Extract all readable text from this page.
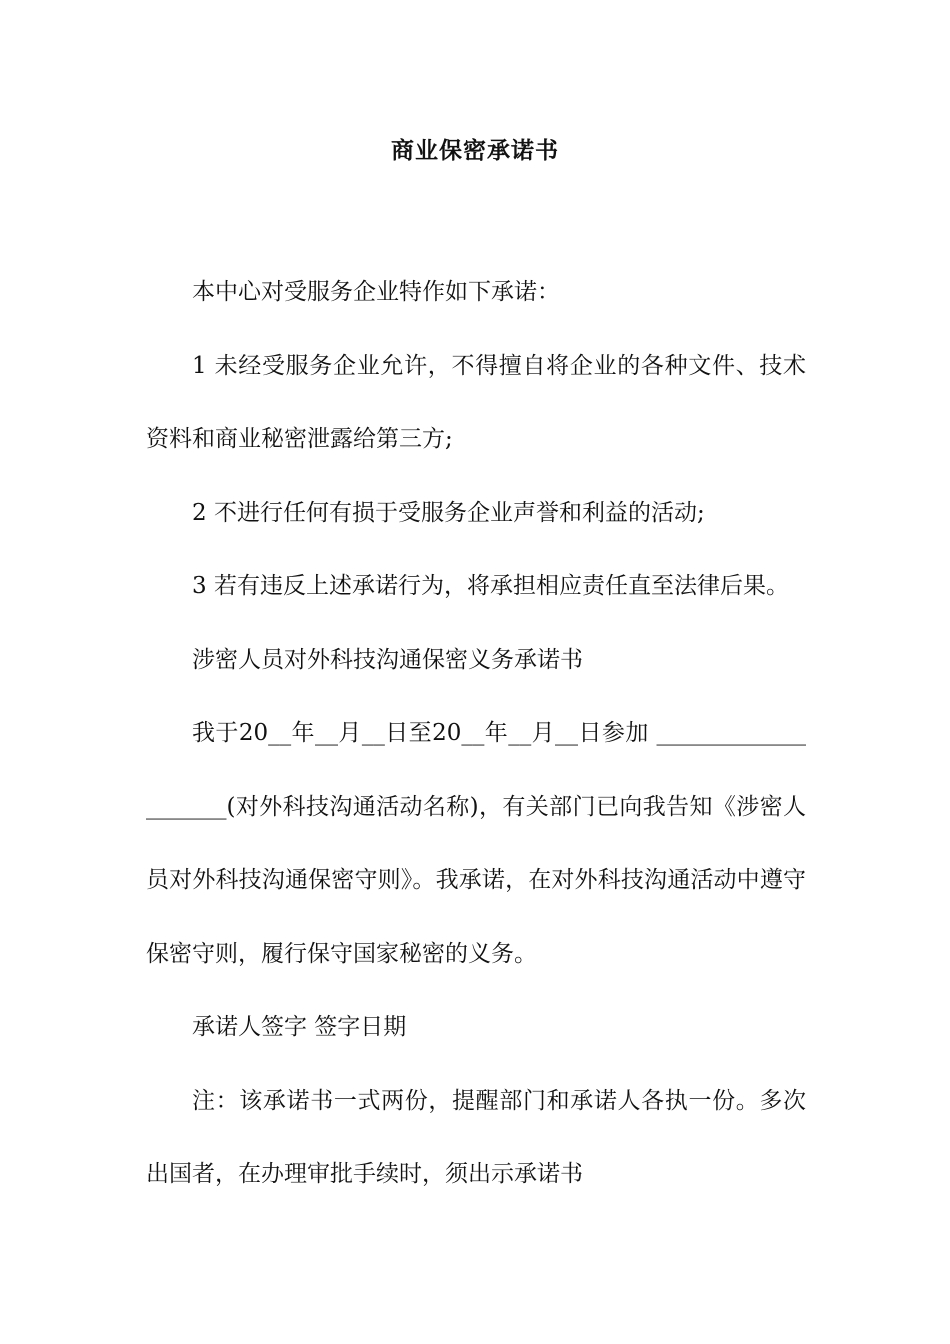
商业保密承诺书

本中心对受服务企业特作如下承诺：

1 未经受服务企业允许，不得擅自将企业的各种文件、技术资料和商业秘密泄露给第三方;

2 不进行任何有损于受服务企业声誉和利益的活动;

3 若有违反上述承诺行为，将承担相应责任直至法律后果。

涉密人员对外科技沟通保密义务承诺书

我于20__年__月__日至20__年__月__日参加 ____________________(对外科技沟通活动名称)，有关部门已向我告知《涉密人员对外科技沟通保密守则》。我承诺，在对外科技沟通活动中遵守保密守则，履行保守国家秘密的义务。

承诺人签字 签字日期

注：该承诺书一式两份，提醒部门和承诺人各执一份。多次出国者，在办理审批手续时，须出示承诺书
